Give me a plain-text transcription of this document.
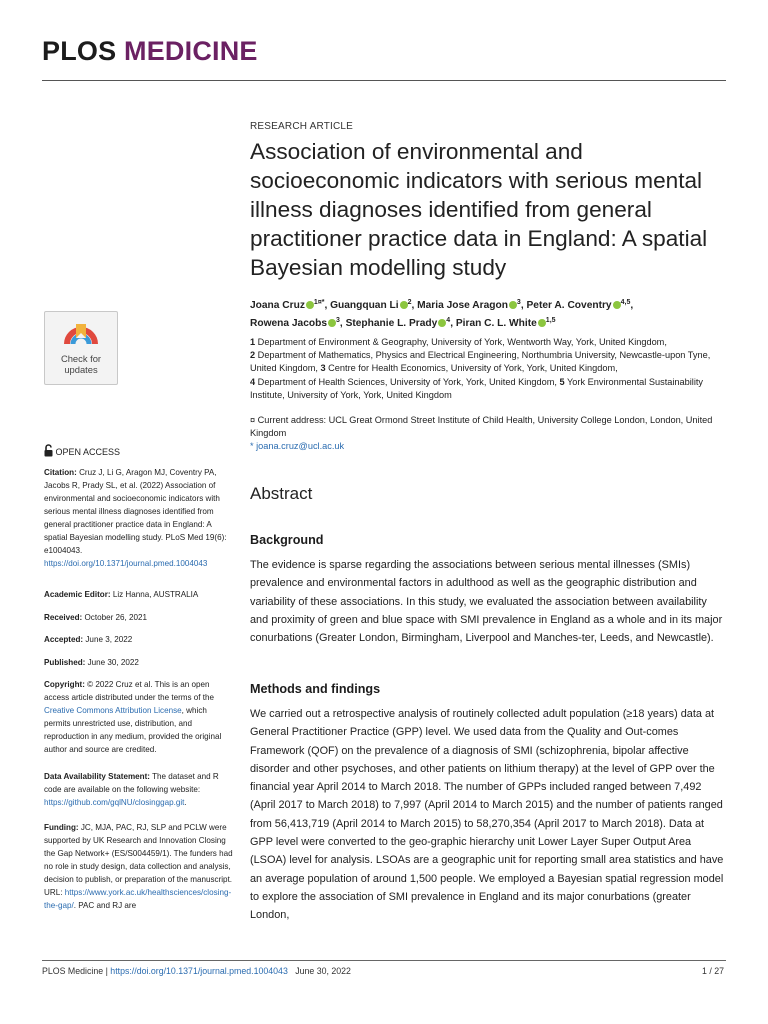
PLOS MEDICINE
RESEARCH ARTICLE
Association of environmental and socioeconomic indicators with serious mental illness diagnoses identified from general practitioner practice data in England: A spatial Bayesian modelling study
Joana Cruz $^{1¤*}$, Guangquan Li $^2$, Maria Jose Aragon $^3$, Peter A. Coventry $^{4,5}$,
Rowena Jacobs $^3$, Stephanie L. Prady $^4$, Piran C. L. White $^{1,5}$
1 Department of Environment & Geography, University of York, Wentworth Way, York, United Kingdom,
2 Department of Mathematics, Physics and Electrical Engineering, Northumbria University, Newcastle-upon Tyne, United Kingdom, 3 Centre for Health Economics, University of York, York, United Kingdom,
4 Department of Health Sciences, University of York, York, United Kingdom, 5 York Environmental Sustainability Institute, University of York, York, United Kingdom
¤ Current address: UCL Great Ormond Street Institute of Child Health, University College London, London, United Kingdom
* joana.cruz@ucl.ac.uk
Abstract
Background
The evidence is sparse regarding the associations between serious mental illnesses (SMIs) prevalence and environmental factors in adulthood as well as the geographic distribution and variability of these associations. In this study, we evaluated the association between availability and proximity of green and blue space with SMI prevalence in England as a whole and in its major conurbations (Greater London, Birmingham, Liverpool and Manches-ter, Leeds, and Newcastle).
Methods and findings
We carried out a retrospective analysis of routinely collected adult population (≥18 years) data at General Practitioner Practice (GPP) level. We used data from the Quality and Out-comes Framework (QOF) on the prevalence of a diagnosis of SMI (schizophrenia, bipolar affective disorder and other psychoses, and other patients on lithium therapy) at the level of GPP over the financial year April 2014 to March 2018. The number of GPPs included ranged between 7,492 (April 2017 to March 2018) to 7,997 (April 2014 to March 2015) and the number of patients ranged from 56,413,719 (April 2014 to March 2015) to 58,270,354 (April 2017 to March 2018). Data at GPP level were converted to the geo-graphic hierarchy unit Lower Layer Super Output Area (LSOA) level for analysis. LSOAs are a geographic unit for reporting small area statistics and have an average population of around 1,500 people. We employed a Bayesian spatial regression model to explore the association of SMI prevalence in England and its major conurbations (greater London,
Check for
updates
OPEN ACCESS
Citation: Cruz J, Li G, Aragon MJ, Coventry PA, Jacobs R, Prady SL, et al. (2022) Association of environmental and socioeconomic indicators with serious mental illness diagnoses identified from general practitioner practice data in England: A spatial Bayesian modelling study. PLoS Med 19(6): e1004043. https://doi.org/10.1371/journal.pmed.1004043
Academic Editor: Liz Hanna, AUSTRALIA
Received: October 26, 2021
Accepted: June 3, 2022
Published: June 30, 2022
Copyright: © 2022 Cruz et al. This is an open access article distributed under the terms of the Creative Commons Attribution License, which permits unrestricted use, distribution, and reproduction in any medium, provided the original author and source are credited.
Data Availability Statement: The dataset and R code are available on the following website: https://github.com/gqlNU/closinggap.git.
Funding: JC, MJA, PAC, RJ, SLP and PCLW were supported by UK Research and Innovation Closing the Gap Network+ (ES/S004459/1). The funders had no role in study design, data collection and analysis, decision to publish, or preparation of the manuscript. URL: https://www.york.ac.uk/healthsciences/closing-the-gap/. PAC and RJ are
PLOS Medicine | https://doi.org/10.1371/journal.pmed.1004043 June 30, 2022	1 / 27
